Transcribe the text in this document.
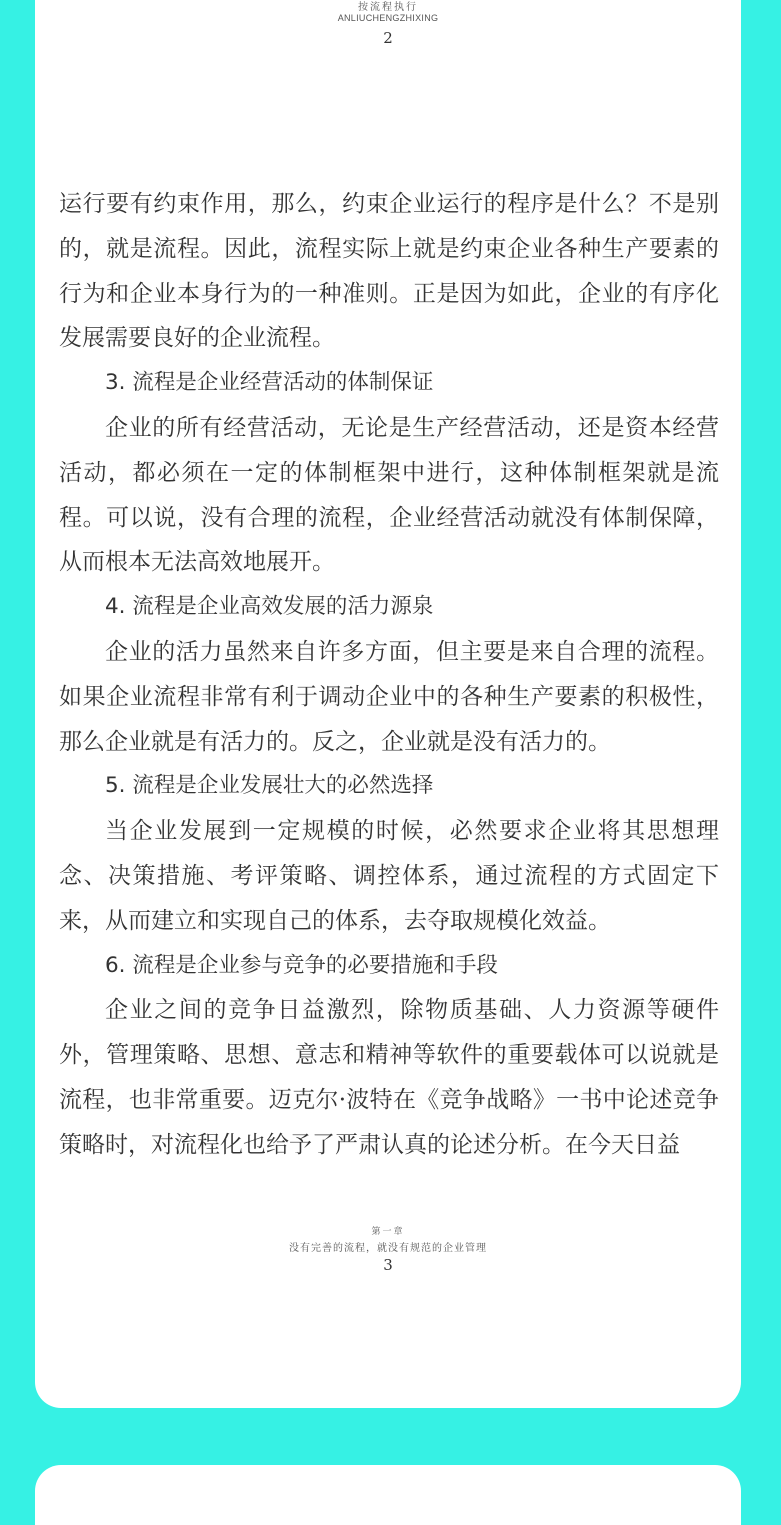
按流程执行
ANLIUCHENGZHIXING
2

运行要有约束作用，那么，约束企业运行的程序是什么？不是别的，就是流程。因此，流程实际上就是约束企业各种生产要素的行为和企业本身行为的一种准则。正是因为如此，企业的有序化发展需要良好的企业流程。

3. 流程是企业经营活动的体制保证

企业的所有经营活动，无论是生产经营活动，还是资本经营活动，都必须在一定的体制框架中进行，这种体制框架就是流程。可以说，没有合理的流程，企业经营活动就没有体制保障，从而根本无法高效地展开。

4. 流程是企业高效发展的活力源泉

企业的活力虽然来自许多方面，但主要是来自合理的流程。如果企业流程非常有利于调动企业中的各种生产要素的积极性，那么企业就是有活力的。反之，企业就是没有活力的。

5. 流程是企业发展壮大的必然选择

当企业发展到一定规模的时候，必然要求企业将其思想理念、决策措施、考评策略、调控体系，通过流程的方式固定下来，从而建立和实现自己的体系，去夺取规模化效益。

6. 流程是企业参与竞争的必要措施和手段

企业之间的竞争日益激烈，除物质基础、人力资源等硬件外，管理策略、思想、意志和精神等软件的重要载体可以说就是流程，也非常重要。迈克尔·波特在《竞争战略》一书中论述竞争策略时，对流程化也给予了严肃认真的论述分析。在今天日益

第一章
没有完善的流程，就没有规范的企业管理
3
